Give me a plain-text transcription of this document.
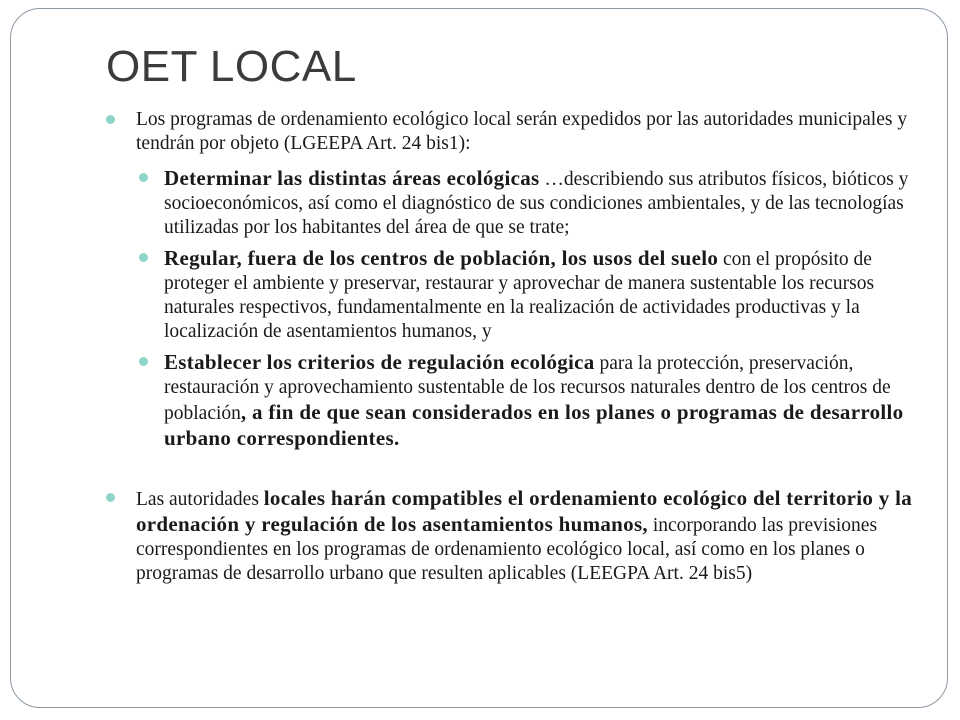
OET LOCAL
Los programas de ordenamiento ecológico local serán expedidos por las autoridades municipales y tendrán por objeto (LGEEPA Art. 24 bis1):
Determinar las distintas áreas ecológicas …describiendo sus atributos físicos, bióticos y socioeconómicos, así como el diagnóstico de sus condiciones ambientales, y de las tecnologías utilizadas por los habitantes del área de que se trate;
Regular, fuera de los centros de población, los usos del suelo con el propósito de proteger el ambiente y preservar, restaurar y aprovechar de manera sustentable los recursos naturales respectivos, fundamentalmente en la realización de actividades productivas y la localización de asentamientos humanos, y
Establecer los criterios de regulación ecológica para la protección, preservación, restauración y aprovechamiento sustentable de los recursos naturales dentro de los centros de población, a fin de que sean considerados en los planes o programas de desarrollo urbano correspondientes.
Las autoridades locales harán compatibles el ordenamiento ecológico del territorio y la ordenación y regulación de los asentamientos humanos, incorporando las previsiones correspondientes en los programas de ordenamiento ecológico local, así como en los planes o programas de desarrollo urbano que resulten aplicables (LEEGPA Art. 24 bis5)
